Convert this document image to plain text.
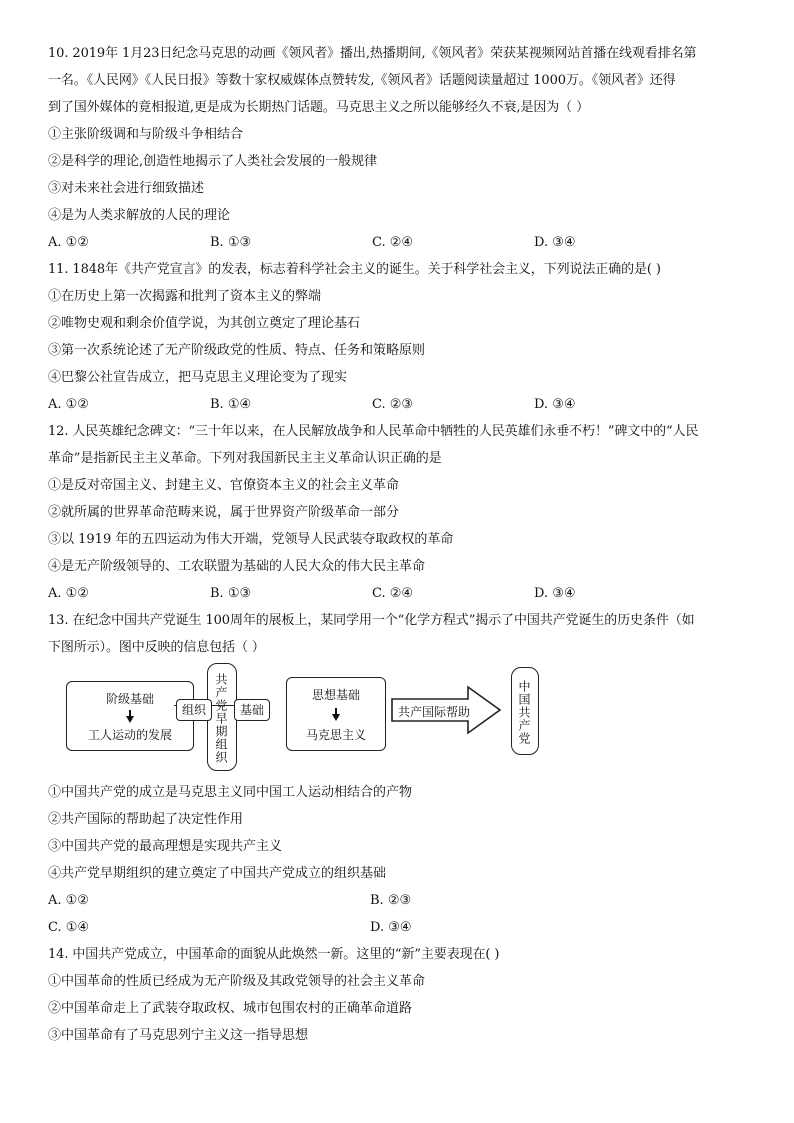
10. 2019年 1月23日纪念马克思的动画《领风者》播出,热播期间,《领风者》荣获某视频网站首播在线观看排名第
一名。《人民网》《人民日报》等数十家权威媒体点赞转发,《领风者》话题阅读量超过 1000万。《领风者》还得
到了国外媒体的竟相报道,更是成为长期热门话题。马克思主义之所以能够经久不衰,是因为（ ）
①主张阶级调和与阶级斗争相结合
②是科学的理论,创造性地揭示了人类社会发展的一般规律
③对未来社会进行细致描述
④是为人类求解放的人民的理论
A. ①②	B. ①③	C. ②④	D. ③④
11. 1848年《共产党宣言》的发表，标志着科学社会主义的诞生。关于科学社会主义，下列说法正确的是( )
①在历史上第一次揭露和批判了资本主义的弊端
②唯物史观和剩余价值学说，为其创立奠定了理论基石
③第一次系统论述了无产阶级政党的性质、特点、任务和策略原则
④巴黎公社宣告成立，把马克思主义理论变为了现实
A. ①②	B. ①④	C. ②③	D. ③④
12. 人民英雄纪念碑文：“三十年以来，在人民解放战争和人民革命中牺牲的人民英雄们永垂不朽！”碑文中的“人民
革命”是指新民主主义革命。下列对我国新民主主义革命认识正确的是
①是反对帝国主义、封建主义、官僚资本主义的社会主义革命
②就所属的世界革命范畴来说，属于世界资产阶级革命一部分
③以 1919 年的五四运动为伟大开端，党领导人民武装夺取政权的革命
④是无产阶级领导的、工农联盟为基础的人民大众的伟大民主革命
A. ①②	B. ①③	C. ②④	D. ③④
13. 在纪念中国共产党诞生 100周年的展板上，某同学用一个“化学方程式”揭示了中国共产党诞生的历史条件（如
下图所示）。图中反映的信息包括（ ）
阶级基础
工人运动的发展	共产党早期组织
组织	基础
思想基础
马克思主义
共产国际帮助	中国共产党
①中国共产党的成立是马克思主义同中国工人运动相结合的产物
②共产国际的帮助起了决定性作用
③中国共产党的最高理想是实现共产主义
④共产党早期组织的建立奠定了中国共产党成立的组织基础
A. ①②	B. ②③
C. ①④	D. ③④
14. 中国共产党成立，中国革命的面貌从此焕然一新。这里的“新”主要表现在( )
①中国革命的性质已经成为无产阶级及其政党领导的社会主义革命
②中国革命走上了武装夺取政权、城市包围农村的正确革命道路
③中国革命有了马克思列宁主义这一指导思想
